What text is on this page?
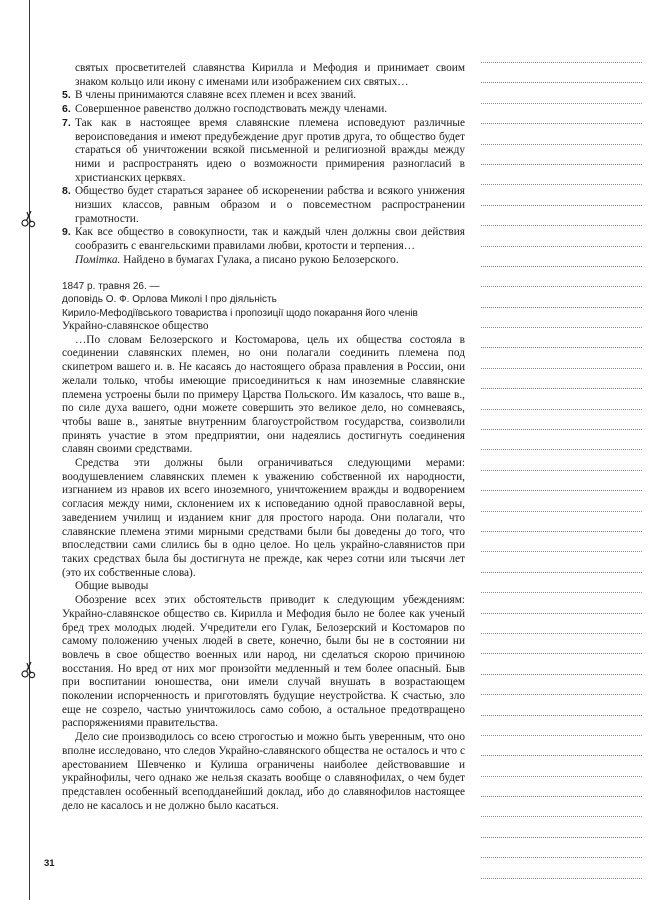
святых просветителей славянства Кирилла и Мефодия и принимает своим знаком кольцо или икону с именами или изображением сих святых…
5. В члены принимаются славяне всех племен и всех званий.
6. Совершенное равенство должно господствовать между членами.
7. Так как в настоящее время славянские племена исповедуют различные вероисповедания и имеют предубеждение друг против друга, то общество будет стараться об уничтожении всякой письменной и религиозной вражды между ними и распространять идею о возможности примирения разногласий в христианских церквях.
8. Общество будет стараться заранее об искоренении рабства и всякого унижения низших классов, равным образом и о повсеместном распространении грамотности.
9. Как все общество в совокупности, так и каждый член должны свои действия сообразить с евангельскими правилами любви, кротости и терпения…
Помітка. Найдено в бумагах Гулака, а писано рукою Белозерского.
1847 р. травня 26. —
доповідь О. Ф. Орлова Миколі І про діяльність
Кирило-Мефодіївського товариства і пропозиції щодо покарання його членів

Украйно-славянское общество

…По словам Белозерского и Костомарова, цель их общества состояла в соединении славянских племен, но они полагали соединить племена под скипетром вашего и. в. Не касаясь до настоящего образа правления в России, они желали только, чтобы имеющие присоединиться к нам иноземные славянские племена устроены были по примеру Царства Польского. Им казалось, что ваше в., по силе духа вашего, одни можете совершить это великое дело, но сомневаясь, чтобы ваше в., занятые внутренним благоустройством государства, соизволили принять участие в этом предприятии, они надеялись достигнуть соединения славян своими средствами.

Средства эти должны были ограничиваться следующими мерами: воодушевлением славянских племен к уважению собственной их народности, изгнанием из нравов их всего иноземного, уничтожением вражды и водворением согласия между ними, склонением их к исповеданию одной православной веры, заведением училищ и изданием книг для простого народа. Они полагали, что славянские племена этими мирными средствами были бы доведены до того, что впоследствии сами слились бы в одно целое. Но цель украйно-славянистов при таких средствах была бы достигнута не прежде, как через сотни или тысячи лет (это их собственные слова).

Общие выводы

Обозрение всех этих обстоятельств приводит к следующим убеждениям: Украйно-славянское общество св. Кирилла и Мефодия было не более как ученый бред трех молодых людей. Учредители его Гулак, Белозерский и Костомаров по самому положению ученых людей в свете, конечно, были бы не в состоянии ни вовлечь в свое общество военных или народ, ни сделаться скорою причиною восстания. Но вред от них мог произойти медленный и тем более опасный. Быв при воспитании юношества, они имели случай внушать в возрастающем поколении испорченность и приготовлять будущие неустройства. К счастью, зло еще не созрело, частью уничтожилось само собою, а остальное предотвращено распоряжениями правительства.

Дело сие производилось со всею строгостью и можно быть уверенным, что оно вполне исследовано, что следов Украйно-славянского общества не осталось и что с арестованием Шевченко и Кулиша ограничены наиболее действовавшие и украйнофилы, чего однако же нельзя сказать вообще о славянофилах, о чем будет представлен особенный всеподданейший доклад, ибо до славянофилов настоящее дело не касалось и не должно было касаться.

31
